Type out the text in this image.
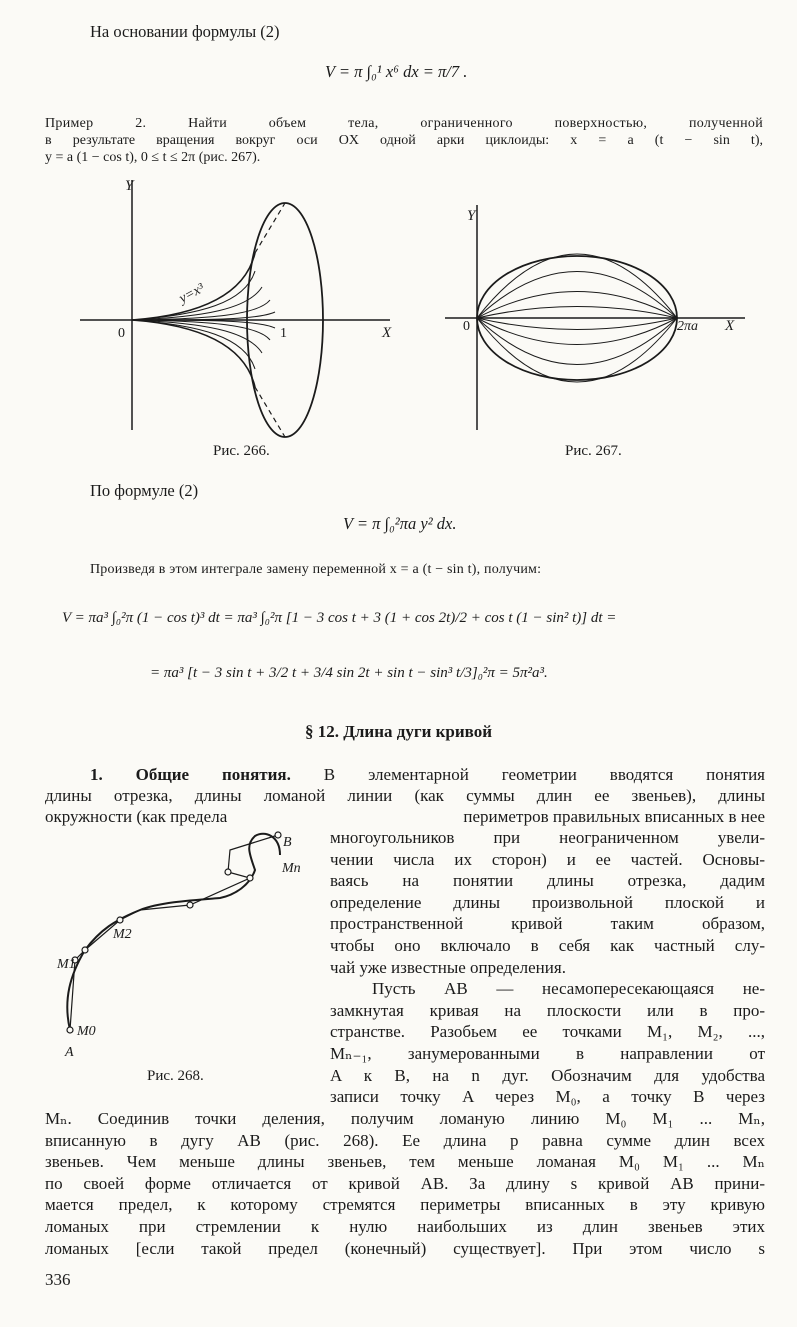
На основании формулы (2)
V = π ∫₀¹ x⁶ dx = π/7 .
Пример 2. Найти объем тела, ограниченного поверхностью, полученной
в результате вращения вокруг оси OX одной арки циклоиды: x = a (t − sin t),
y = a (1 − cos t), 0 ≤ t ≤ 2π (рис. 267).
Y
X
0	1
y=x³
Рис. 266.
Y
X
0	2πa
Рис. 267.
По формуле (2)
V = π ∫₀²πa y² dx.
Произведя в этом интеграле замену переменной x = a (t − sin t), получим:
V = πa³ ∫₀²π (1 − cos t)³ dt = πa³ ∫₀²π [1 − 3 cos t + 3 (1 + cos 2t)/2 + cos t (1 − sin² t)] dt =
= πa³ [t − 3 sin t + 3/2 t + 3/4 sin 2t + sin t − sin³ t/3]₀²π = 5π²a³.
§ 12. Длина дуги кривой
1. Общие понятия. В элементарной геометрии вводятся понятия
длины отрезка, длины ломаной линии (как суммы длин ее звеньев), длины
окружности (как предела	периметров правильных вписанных в нее
B
Mn
M2
M1
M0
A
Рис. 268.
многоугольников при неограниченном увели-
чении числа их сторон) и ее частей. Основы-
ваясь на понятии длины отрезка, дадим
определение длины произвольной плоской и
пространственной кривой таким образом,
чтобы оно включало в себя как частный слу-
чай уже известные определения.
Пусть AB — несамопересекающаяся не-
замкнутая кривая на плоскости или в про-
странстве. Разобьем ее точками M₁, M₂, ...,
Mₙ₋₁, занумерованными в направлении от
A к B, на n дуг. Обозначим для удобства
записи точку A через M₀, а точку B через
Mₙ. Соединив точки деления, получим ломаную линию M₀ M₁ ... Mₙ,
вписанную в дугу AB (рис. 268). Ее длина p равна сумме длин всех
звеньев. Чем меньше длины звеньев, тем меньше ломаная M₀ M₁ ... Mₙ
по своей форме отличается от кривой AB. За длину s кривой AB прини-
мается предел, к которому стремятся периметры вписанных в эту кривую
ломаных при стремлении к нулю наибольших из длин звеньев этих
ломаных [если такой предел (конечный) существует]. При этом число s
336
